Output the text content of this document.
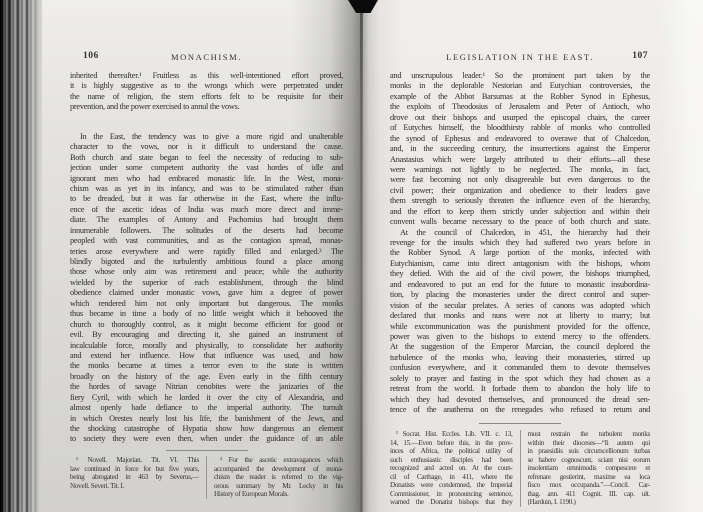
106	MONACHISM.
inherited thereafter.¹ Fruitless as this well-intentioned effort proved,
it is highly suggestive as to the wrongs which were perpetrated under
the name of religion, the stern efforts felt to be requisite for their
prevention, and the power exercised to annul the vows.
In the East, the tendency was to give a more rigid and unalterable
character to the vows, nor is it difficult to understand the cause.
Both church and state began to feel the necessity of reducing to sub-
jection under some competent authority the vast hordes of idle and
ignorant men who had embraced monastic life. In the West, mona-
chism was as yet in its infancy, and was to be stimulated rather than
to be dreaded, but it was far otherwise in the East, where the influ-
ence of the ascetic ideas of India was much more direct and imme-
diate. The examples of Antony and Pachomius had brought them
innumerable followers. The solitudes of the deserts had become
peopled with vast communities, and as the contagion spread, monas-
teries arose everywhere and were rapidly filled and enlarged.² The
blindly bigoted and the turbulently ambitious found a place among
those whose only aim was retirement and peace; while the authority
wielded by the superior of each establishment, through the blind
obedience claimed under monastic vows, gave him a degree of power
which rendered him not only important but dangerous. The monks
thus became in time a body of no little weight which it behooved the
church to thoroughly control, as it might become efficient for good or
evil. By encouraging and directing it, she gained an instrument of
incalculable force, morally and physically, to consolidate her authority
and extend her influence. How that influence was used, and how
the monks became at times a terror even to the state is written
broadly on the history of the age. Even early in the fifth century
the hordes of savage Nitrian cenobites were the janizaries of the
fiery Cyril, with which he lorded it over the city of Alexandria, and
almost openly bade defiance to the imperial authority. The tumult
in which Orestes nearly lost his life, the banishment of the Jews, and
the shocking catastrophe of Hypatia show how dangerous an element
to society they were even then, when under the guidance of an able
¹ Novell. Majorian. Tit. VI. This
law continued in force for but five years,
being abrogated in 463 by Severus,—
Novell. Severi. Tit. I.
² For the ascetic extravagances which
accompanied the development of mona-
chism the reader is referred to the vig-
orous summary by Mr. Lecky in his
History of European Morals.
LEGISLATION IN THE EAST.	107
and unscrupulous leader.¹ So the prominent part taken by the
monks in the deplorable Nestorian and Eutychian controversies, the
example of the Abbot Barsumas at the Robber Synod in Ephesus,
the exploits of Theodosius of Jerusalem and Peter of Antioch, who
drove out their bishops and usurped the episcopal chairs, the career
of Eutyches himself, the bloodthirsty rabble of monks who controlled
the synod of Ephesus and endeavored to overawe that of Chalcedon,
and, in the succeeding century, the insurrections against the Emperor
Anastasius which were largely attributed to their efforts—all these
were warnings not lightly to be neglected. The monks, in fact,
were fast becoming not only disagreeable but even dangerous to the
civil power; their organization and obedience to their leaders gave
them strength to seriously threaten the influence even of the hierarchy,
and the effort to keep them strictly under subjection and within their
convent walls became necessary to the peace of both church and state.
At the council of Chalcedon, in 451, the hierarchy had their
revenge for the insults which they had suffered two years before in
the Robber Synod. A large portion of the monks, infected with
Eutychianism, came into direct antagonism with the bishops, whom
they defied. With the aid of the civil power, the bishops triumphed,
and endeavored to put an end for the future to monastic insubordina-
tion, by placing the monasteries under the direct control and super-
vision of the secular prelates. A series of canons was adopted which
declared that monks and nuns were not at liberty to marry; but
while excommunication was the punishment provided for the offence,
power was given to the bishops to extend mercy to the offenders.
At the suggestion of the Emperor Marcian, the council deplored the
turbulence of the monks who, leaving their monasteries, stirred up
confusion everywhere, and it commanded them to devote themselves
solely to prayer and fasting in the spot which they had chosen as a
retreat from the world. It forbade them to abandon the holy life to
which they had devoted themselves, and pronounced the dread sen-
tence of the anathema on the renegades who refused to return and
¹ Socrat. Hist. Eccles. Lib. VII. c. 13,
14, 15.—Even before this, in the prov-
inces of Africa, the political utility of
such enthusiastic disciples had been
recognized and acted on. At the coun-
cil of Carthage, in 411, where the
Donatists were condemned, the Imperial
Commissioner, in pronouncing sentence,
warned the Donatist bishops that they
must restrain the turbulent monks
within their dioceses—“Ii autem qui
in praesidiis suis circumcellionum turbas
se habere cognoscunt, sciant nisi eorum
insolentiam omnimodis compescere et
refrenare gestierint, maxime ea loca
fisco mox occupanda.”—Concil. Car-
thag. ann. 411 Cognit. III. cap. ult.
(Harduin, I. 1190.)
